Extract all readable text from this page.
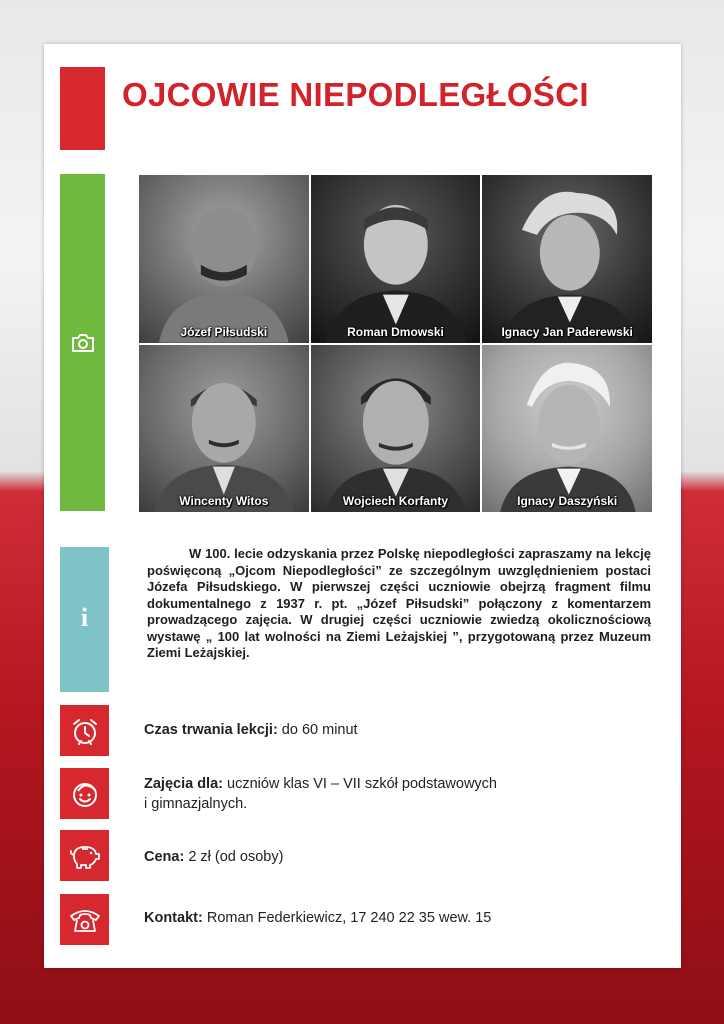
OJCOWIE NIEPODLEGŁOŚCI
Józef Piłsudski	Roman Dmowski	Ignacy Jan Paderewski
Wincenty Witos	Wojciech Korfanty	Ignacy Daszyński
i

W 100. lecie odzyskania przez Polskę niepodległości zapraszamy na lekcję poświęconą „Ojcom Niepodległości” ze szczególnym uwzględnieniem postaci Józefa Piłsudskiego. W pierwszej części uczniowie obejrzą fragment filmu dokumentalnego z 1937 r. pt. „Józef Piłsudski” połączony z komentarzem prowadzącego zajęcia. W drugiej części uczniowie zwiedzą okolicznościową wystawę „ 100 lat wolności na Ziemi Leżajskiej ”, przygotowaną przez Muzeum Ziemi Leżajskiej.

Czas trwania lekcji: do 60 minut
Zajęcia dla: uczniów klas VI – VII szkół podstawowych
i gimnazjalnych.
Cena: 2 zł (od osoby)
Kontakt: Roman Federkiewicz, 17 240 22 35 wew. 15
